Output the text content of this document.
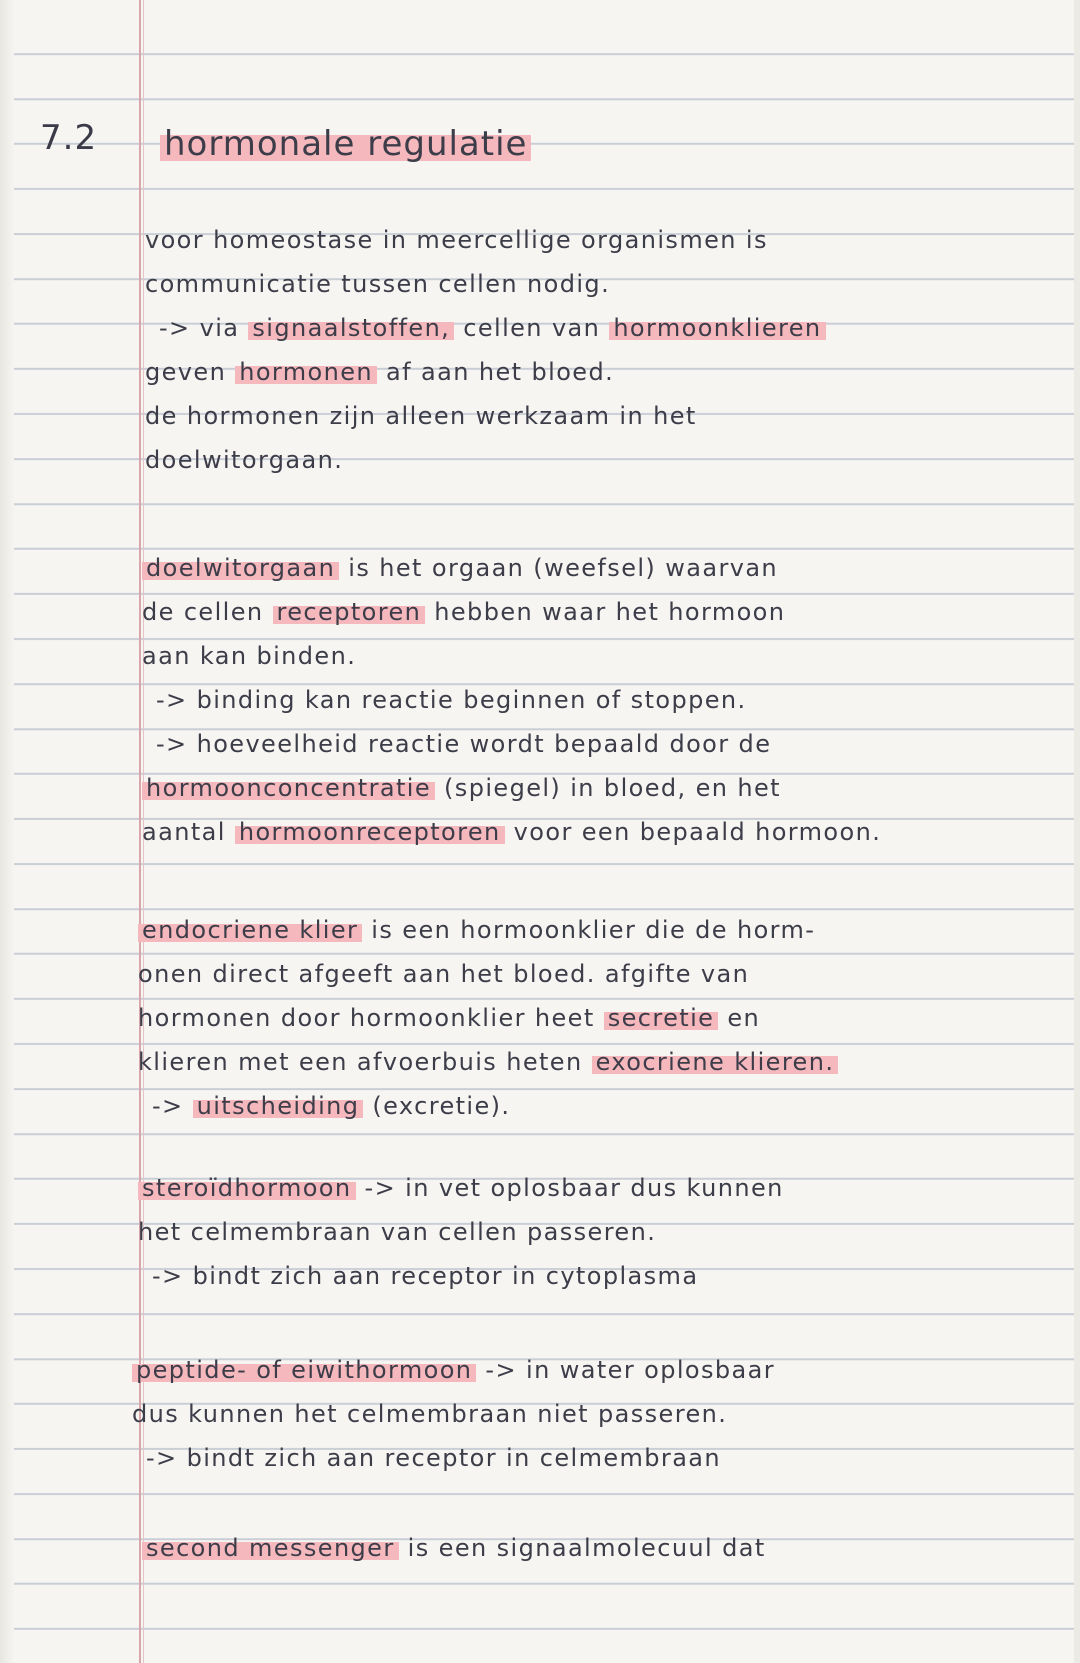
7.2 hormonale regulatie
voor homeostase in meercellige organismen is
communicatie tussen cellen nodig.
-> via signaalstoffen, cellen van hormoonklieren
geven hormonen af aan het bloed.
de hormonen zijn alleen werkzaam in het
doelwitorgaan.
doelwitorgaan is het orgaan (weefsel) waarvan
de cellen receptoren hebben waar het hormoon
aan kan binden.
-> binding kan reactie beginnen of stoppen.
-> hoeveelheid reactie wordt bepaald door de
hormoonconcentratie (spiegel) in bloed, en het
aantal hormoonreceptoren voor een bepaald hormoon.
endocriene klier is een hormoonklier die de horm-
onen direct afgeeft aan het bloed. afgifte van
hormonen door hormoonklier heet secretie en
klieren met een afvoerbuis heten exocriene klieren.
-> uitscheiding (excretie).
steroïdhormoon -> in vet oplosbaar dus kunnen
het celmembraan van cellen passeren.
-> bindt zich aan receptor in cytoplasma
peptide- of eiwithormoon -> in water oplosbaar
dus kunnen het celmembraan niet passeren.
-> bindt zich aan receptor in celmembraan
second messenger is een signaalmolecuul dat
